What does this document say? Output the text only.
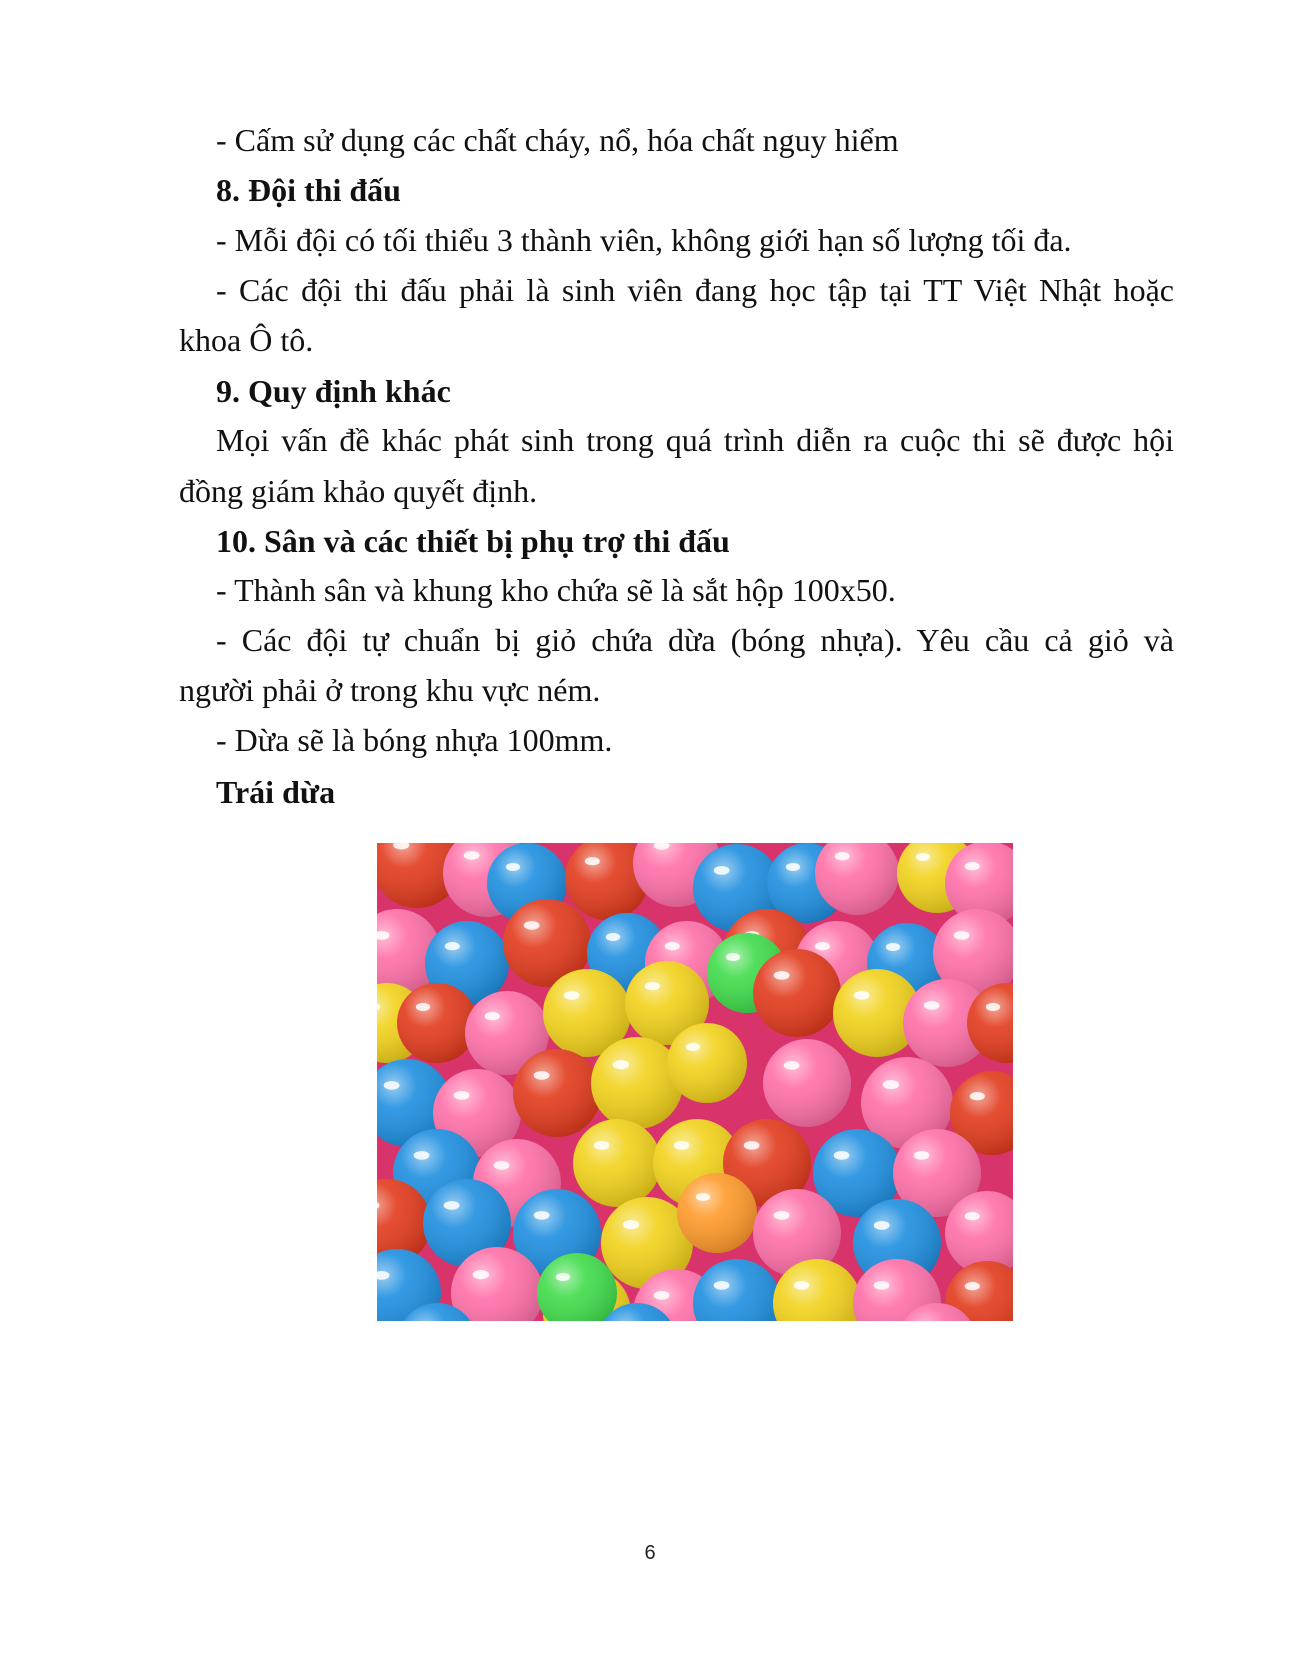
- Cấm sử dụng các chất cháy, nổ, hóa chất nguy hiểm
8. Đội thi đấu
- Mỗi đội có tối thiểu 3 thành viên, không giới hạn số lượng tối đa.
- Các đội thi đấu phải là sinh viên đang học tập tại TT Việt Nhật hoặc
khoa Ô tô.
9. Quy định khác
Mọi vấn đề khác phát sinh trong quá trình diễn ra cuộc thi sẽ được hội
đồng giám khảo quyết định.
10. Sân và các thiết bị phụ trợ thi đấu
- Thành sân và khung kho chứa sẽ là sắt hộp 100x50.
- Các đội tự chuẩn bị giỏ chứa dừa (bóng nhựa). Yêu cầu cả giỏ và
người phải ở trong khu vực ném.
- Dừa sẽ là bóng nhựa 100mm.
Trái dừa
6
